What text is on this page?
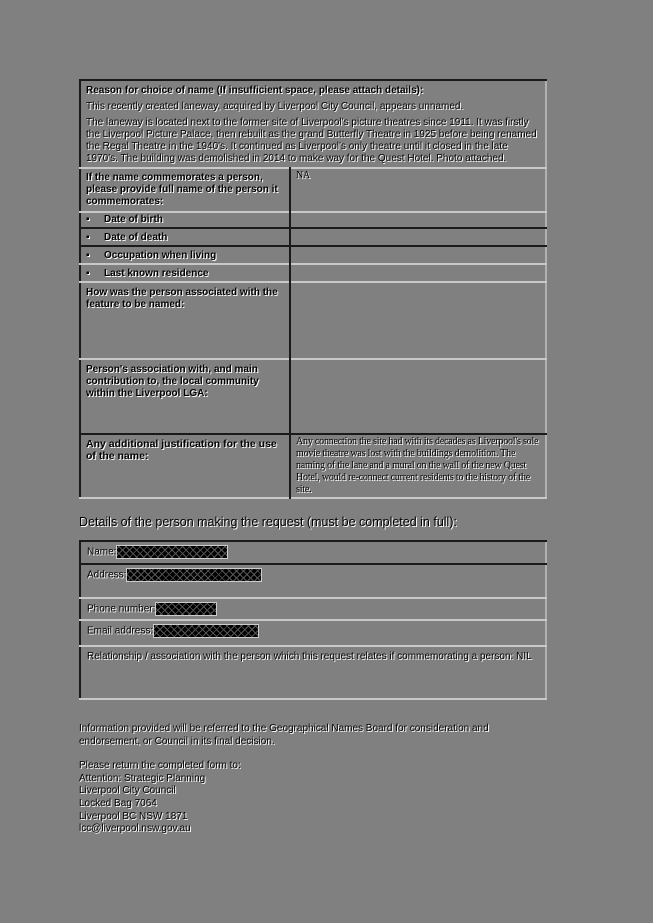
Reason for choice of name (If insufficient space, please attach details):
This recently created laneway, acquired by Liverpool City Council, appears unnamed.
The laneway is located next to the former site of Liverpool's picture theatres since 1911. It was firstly the Liverpool Picture Palace, then rebuilt as the grand Butterfly Theatre in 1925 before being renamed the Regal Theatre in the 1940's. It continued as Liverpool's only theatre until it closed in the late 1970's. The building was demolished in 2014 to make way for the Quest Hotel. Photo attached.	

If the name commemorates a person, please provide full name of the person it commemorates:	NA
▪ Date of birth	
▪ Date of death	
▪ Occupation when living	
▪ Last known residence	
How was the person associated with the feature to be named:	
Person's association with, and main contribution to, the local community within the Liverpool LGA:	
Any additional justification for the use of the name:	Any connection the site had with its decades as Liverpool's sole movie theatre was lost with the buildings demolition. The naming of the lane and a mural on the wall of the new Quest Hotel, would re-connect current residents to the history of the site.
Details of the person making the request (must be completed in full):
Name:
Address:
Phone number:
Email address:
Relationship / association with the person which this request relates if commemorating a person: NIL

Information provided will be referred to the Geographical Names Board for consideration and endorsement, or Council in its final decision.

Please return the completed form to:

Attention: Strategic Planning

Liverpool City Council

Locked Bag 7064

Liverpool BC NSW 1871

lcc@liverpool.nsw.gov.au
